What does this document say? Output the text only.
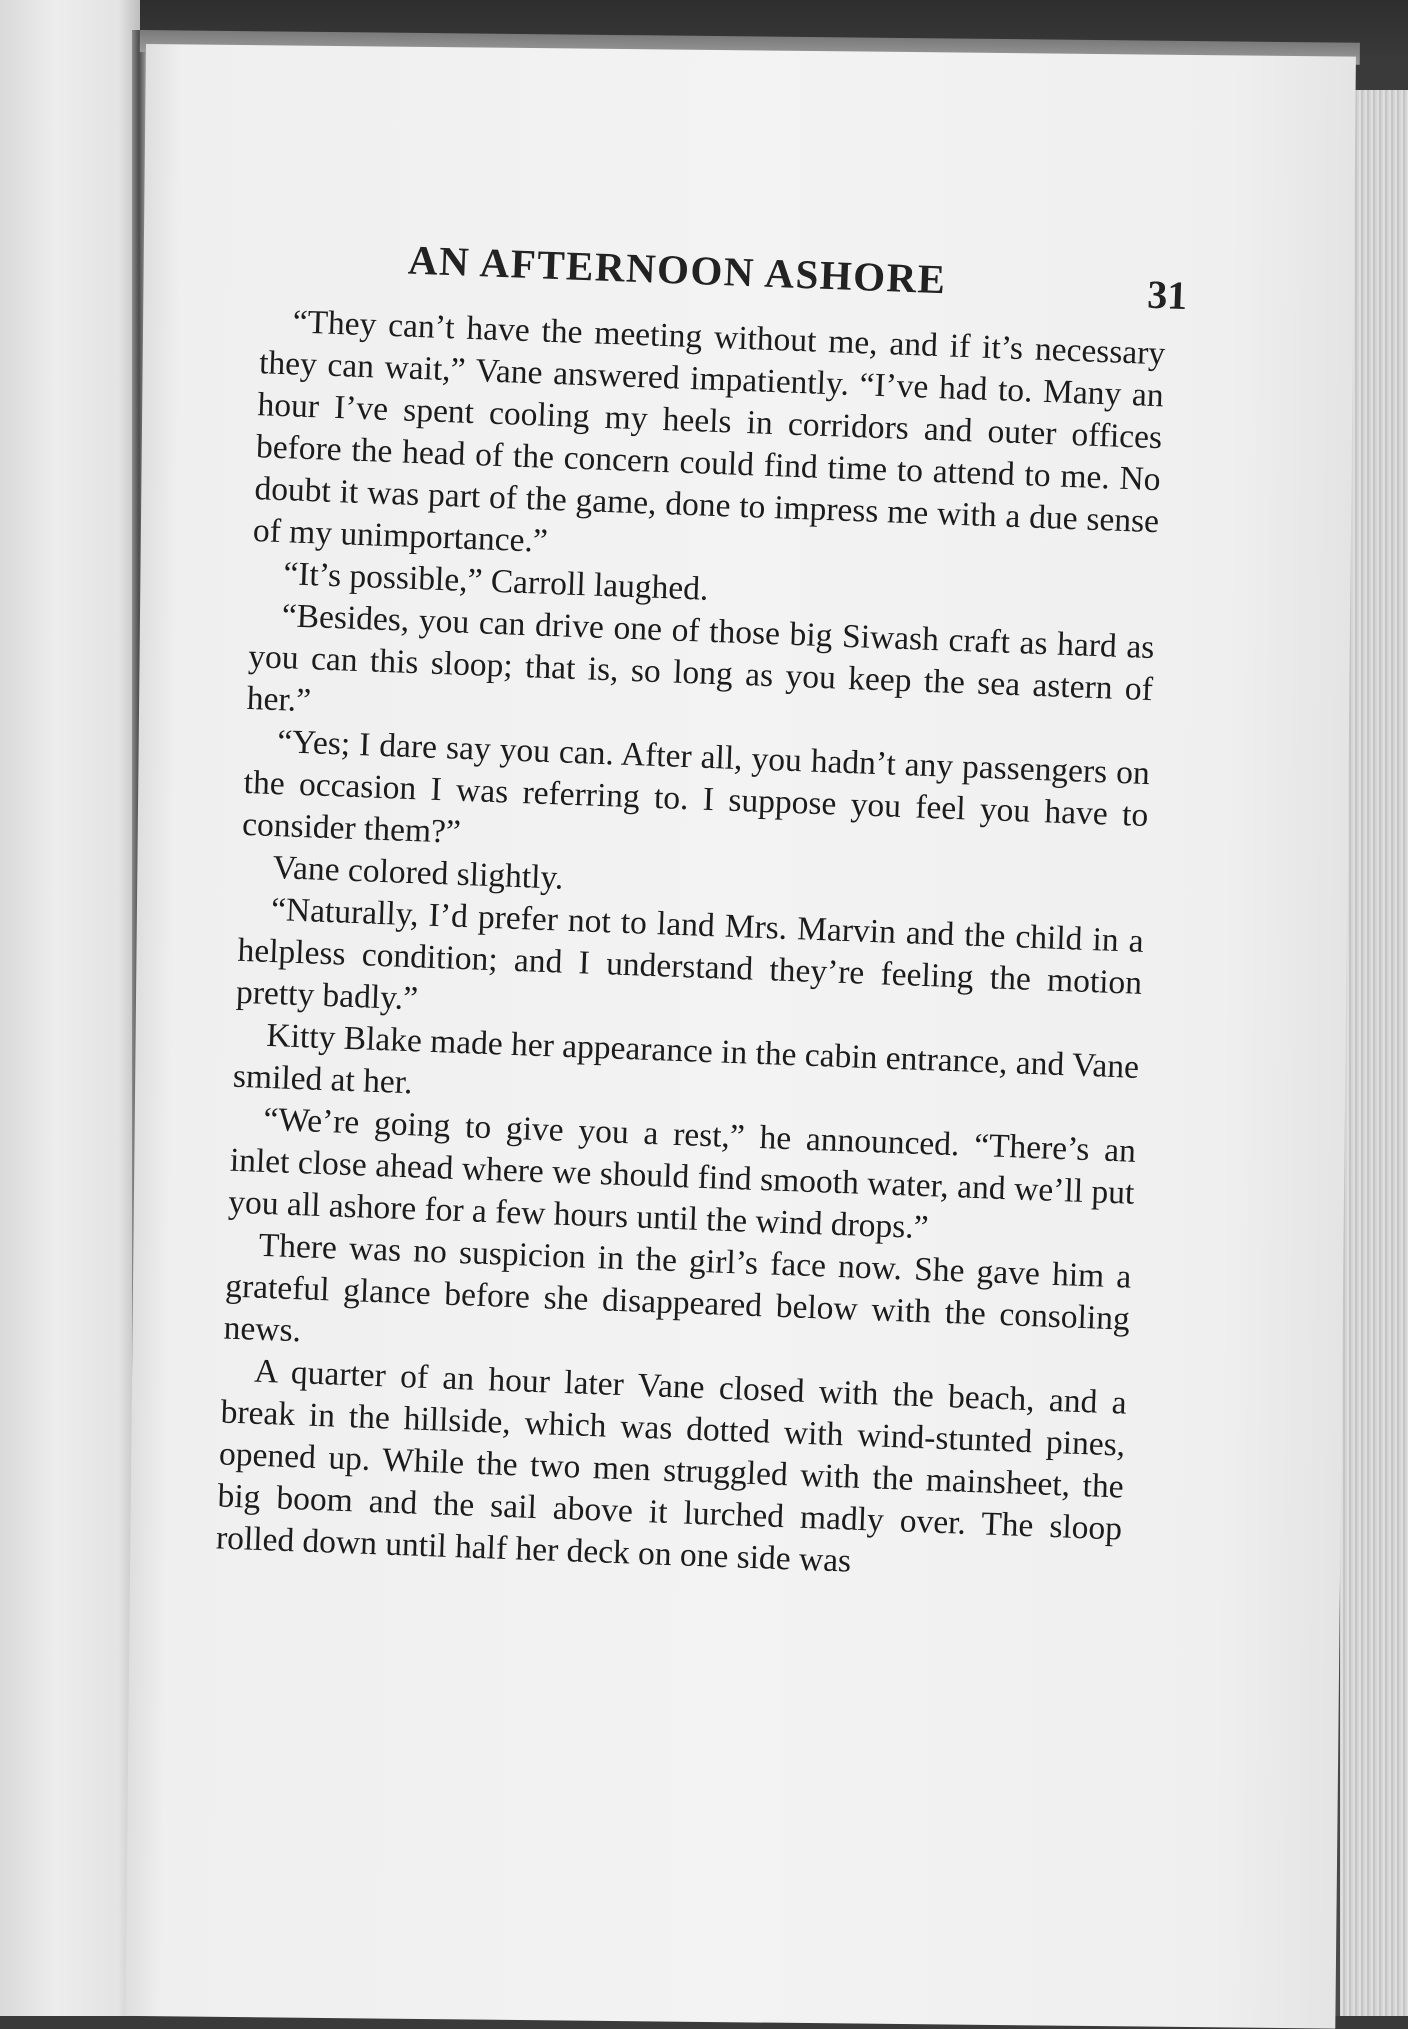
AN AFTERNOON ASHORE	31

“They can’t have the meeting without me, and if it’s necessary they can wait,” Vane answered impatiently. “I’ve had to. Many an hour I’ve spent cooling my heels in corridors and outer offices before the head of the concern could find time to attend to me. No doubt it was part of the game, done to impress me with a due sense of my unimportance.”

“It’s possible,” Carroll laughed.

“Besides, you can drive one of those big Siwash craft as hard as you can this sloop; that is, so long as you keep the sea astern of her.”

“Yes; I dare say you can. After all, you hadn’t any passengers on the occasion I was referring to. I suppose you feel you have to consider them?”

Vane colored slightly.

“Naturally, I’d prefer not to land Mrs. Marvin and the child in a helpless condition; and I understand they’re feeling the motion pretty badly.”

Kitty Blake made her appearance in the cabin entrance, and Vane smiled at her.

“We’re going to give you a rest,” he announced. “There’s an inlet close ahead where we should find smooth water, and we’ll put you all ashore for a few hours until the wind drops.”

There was no suspicion in the girl’s face now. She gave him a grateful glance before she disappeared below with the consoling news.

A quarter of an hour later Vane closed with the beach, and a break in the hillside, which was dotted with wind-stunted pines, opened up. While the two men struggled with the mainsheet, the big boom and the sail above it lurched madly over. The sloop rolled down until half her deck on one side was
